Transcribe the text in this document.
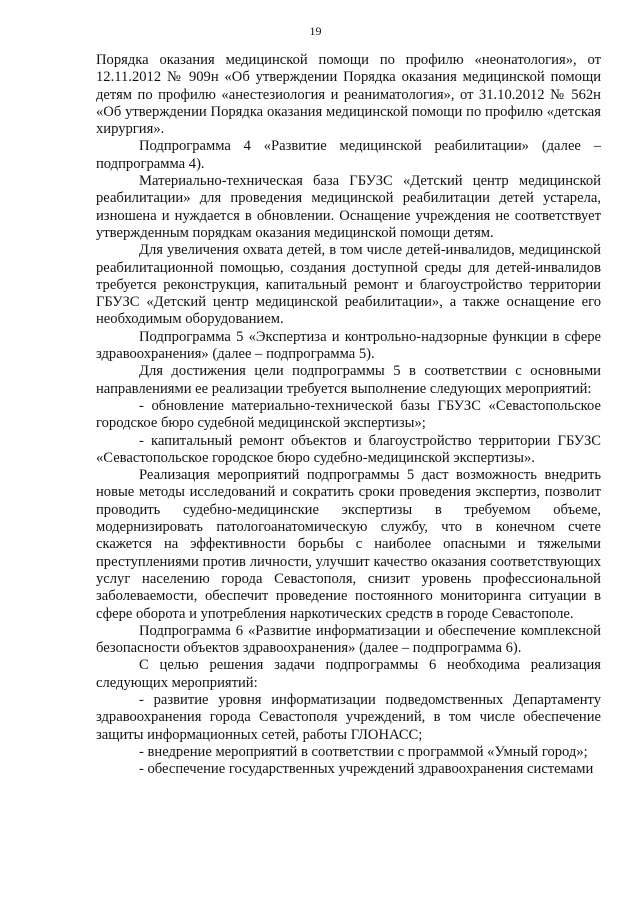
19

Порядка оказания медицинской помощи по профилю «неонатология», от 12.11.2012 № 909н «Об утверждении Порядка оказания медицинской помощи детям по профилю «анестезиология и реаниматология», от 31.10.2012 № 562н «Об утверждении Порядка оказания медицинской помощи по профилю «детская хирургия».

Подпрограмма 4 «Развитие медицинской реабилитации» (далее – подпрограмма 4).

Материально-техническая база ГБУЗС «Детский центр медицинской реабилитации» для проведения медицинской реабилитации детей устарела, изношена и нуждается в обновлении. Оснащение учреждения не соответствует утвержденным порядкам оказания медицинской помощи детям.

Для увеличения охвата детей, в том числе детей-инвалидов, медицинской реабилитационной помощью, создания доступной среды для детей-инвалидов требуется реконструкция, капитальный ремонт и благоустройство территории ГБУЗС «Детский центр медицинской реабилитации», а также оснащение его необходимым оборудованием.

Подпрограмма 5 «Экспертиза и контрольно-надзорные функции в сфере здравоохранения» (далее – подпрограмма 5).

Для достижения цели подпрограммы 5 в соответствии с основными направлениями ее реализации требуется выполнение следующих мероприятий:

- обновление материально-технической базы ГБУЗС «Севастопольское городское бюро судебной медицинской экспертизы»;

- капитальный ремонт объектов и благоустройство территории ГБУЗС «Севастопольское городское бюро судебно-медицинской экспертизы».

Реализация мероприятий подпрограммы 5 даст возможность внедрить новые методы исследований и сократить сроки проведения экспертиз, позволит проводить судебно-медицинские экспертизы в требуемом объеме, модернизировать патологоанатомическую службу, что в конечном счете скажется на эффективности борьбы с наиболее опасными и тяжелыми преступлениями против личности, улучшит качество оказания соответствующих услуг населению города Севастополя, снизит уровень профессиональной заболеваемости, обеспечит проведение постоянного мониторинга ситуации в сфере оборота и употребления наркотических средств в городе Севастополе.

Подпрограмма 6 «Развитие информатизации и обеспечение комплексной безопасности объектов здравоохранения» (далее – подпрограмма 6).

С целью решения задачи подпрограммы 6 необходима реализация следующих мероприятий:

- развитие уровня информатизации подведомственных Департаменту здравоохранения города Севастополя учреждений, в том числе обеспечение защиты информационных сетей, работы ГЛОНАСС;

- внедрение мероприятий в соответствии с программой «Умный город»;

- обеспечение государственных учреждений здравоохранения системами
